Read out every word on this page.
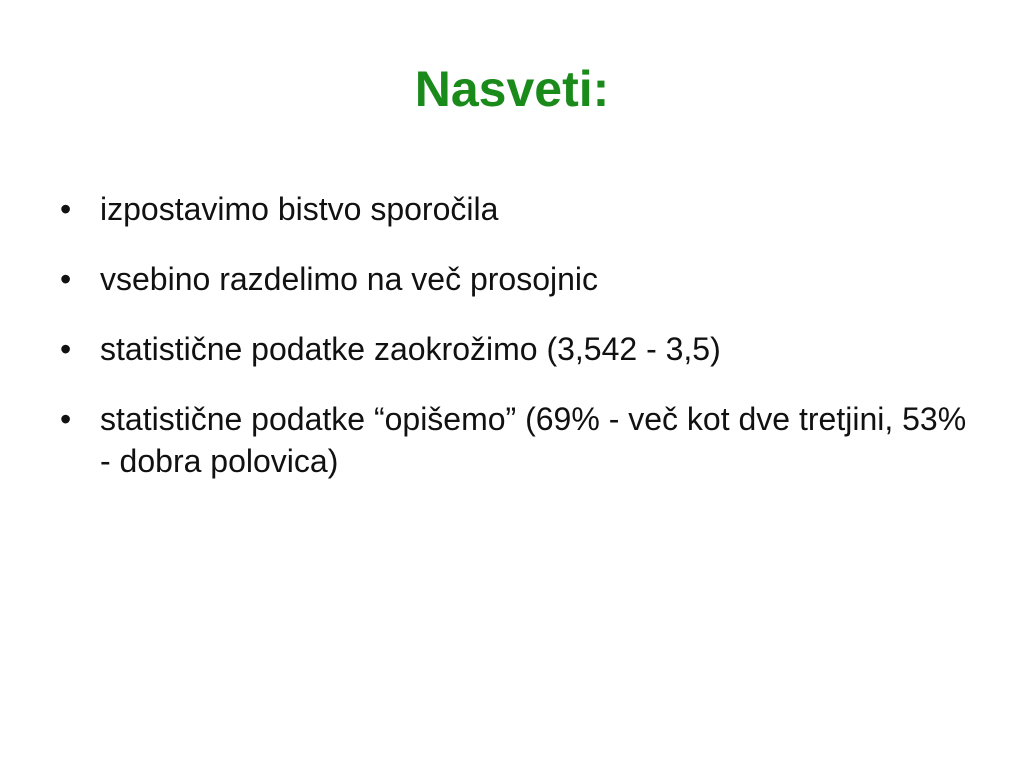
Nasveti:
• izpostavimo bistvo sporočila
• vsebino razdelimo na več prosojnic
• statistične podatke zaokrožimo (3,542 - 3,5)
• statistične podatke “opišemo” (69% - več kot dve tretjini, 53% - dobra polovica)
